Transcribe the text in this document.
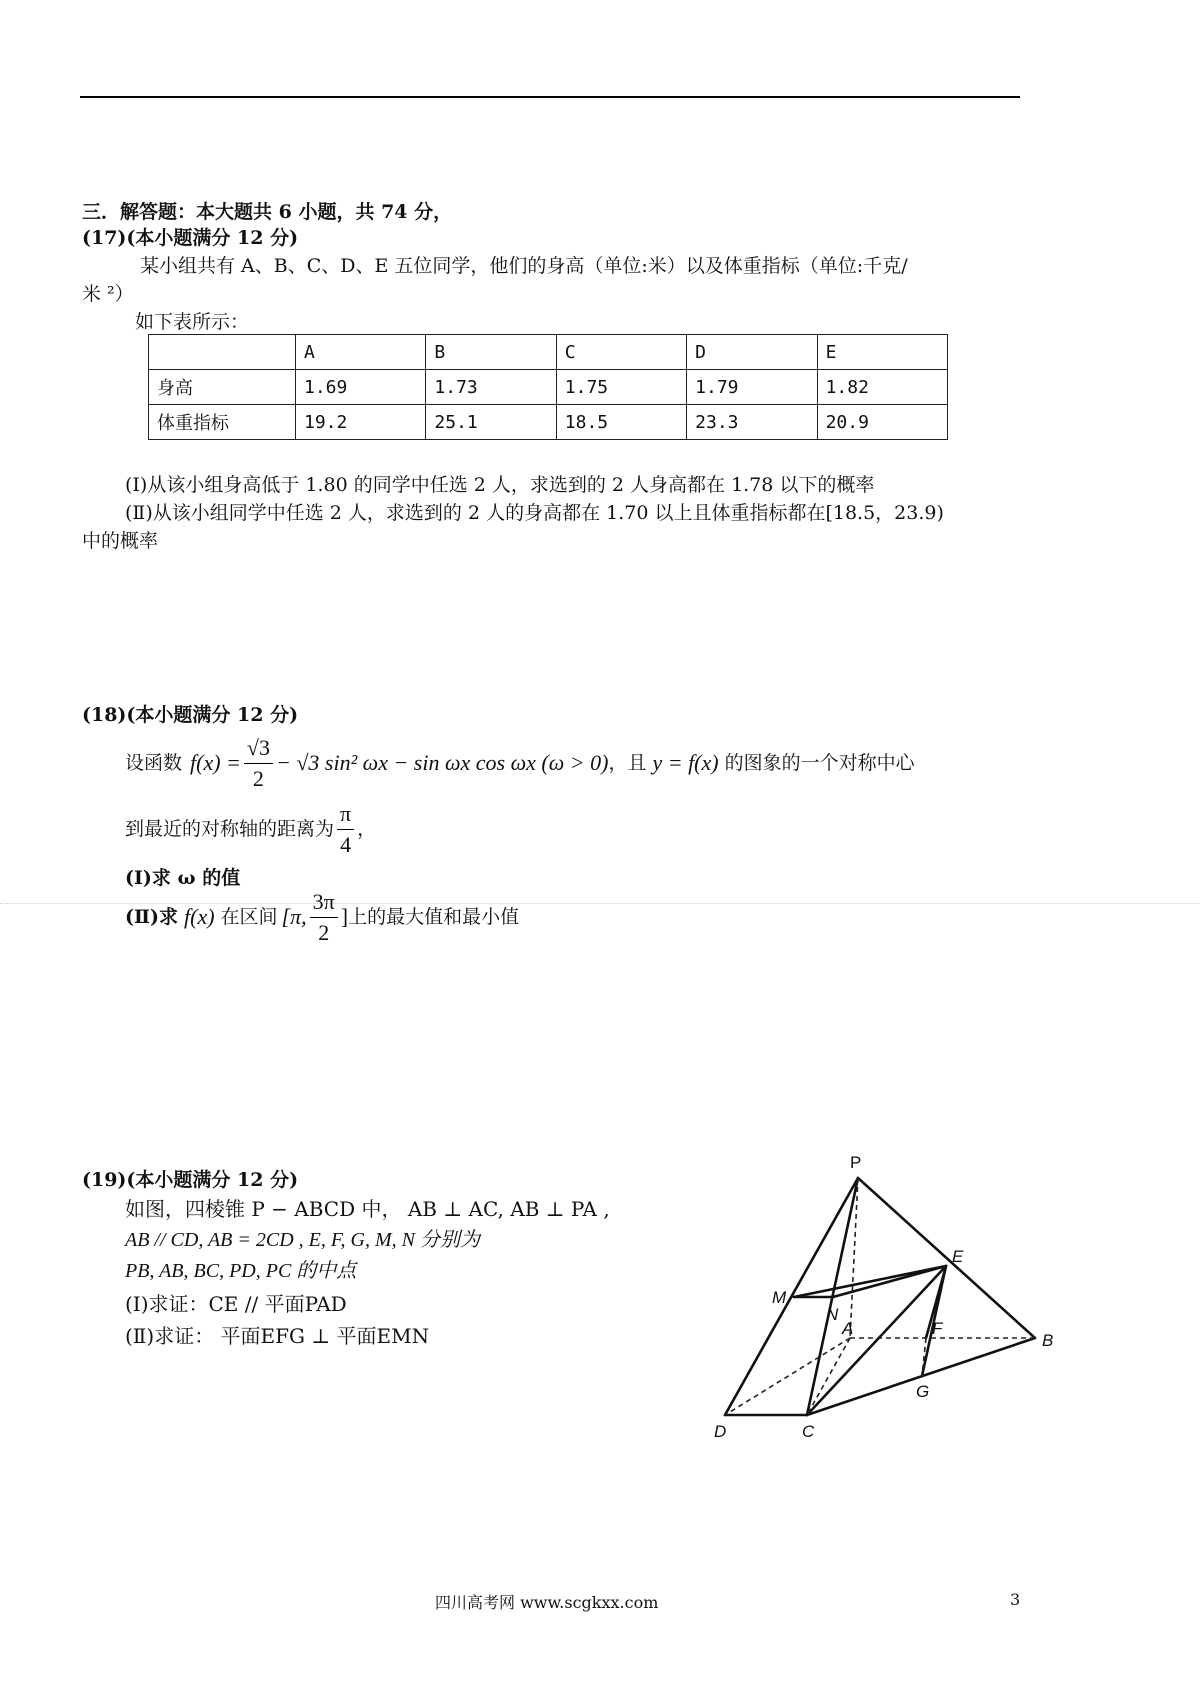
三．解答题：本大题共 6 小题，共 74 分，
(17)(本小题满分 12 分)
某小组共有 A、B、C、D、E 五位同学，他们的身高（单位:米）以及体重指标（单位:千克/
米 ²）
如下表所示：
	A	B	C	D	E
身高	1.69	1.73	1.75	1.79	1.82
体重指标	19.2	25.1	18.5	23.3	20.9
(Ⅰ)从该小组身高低于 1.80 的同学中任选 2 人，求选到的 2 人身高都在 1.78 以下的概率
(Ⅱ)从该小组同学中任选 2 人，求选到的 2 人的身高都在 1.70 以上且体重指标都在[18.5，23.9)
中的概率
(18)(本小题满分 12 分)
设函数 $f(x) = \frac{√3}{2} - √3$ sin² ωx − sin ωx cos ωx (ω > 0) ，且 y = f(x) 的图象的一个对称中心
到最近的对称轴的距离为 $\frac{\pi}{4}$ ，
(Ⅰ)求 ω 的值
(Ⅱ)求 f(x) 在区间 [π, $\frac{3\pi}{2}$ ] 上的最大值和最小值
(19)(本小题满分 12 分)
如图，四棱锥 P − ABCD 中， AB ⊥ AC, AB ⊥ PA ,
AB // CD, AB = 2CD , E, F, G, M, N 分别为
PB, AB, BC, PD, PC 的中点
(Ⅰ)求证：CE // 平面PAD
(Ⅱ)求证： 平面EFG ⊥ 平面EMN
P
E
M
N
A	F
B
G
D	C
四川高考网 www.scgkxx.com	3
